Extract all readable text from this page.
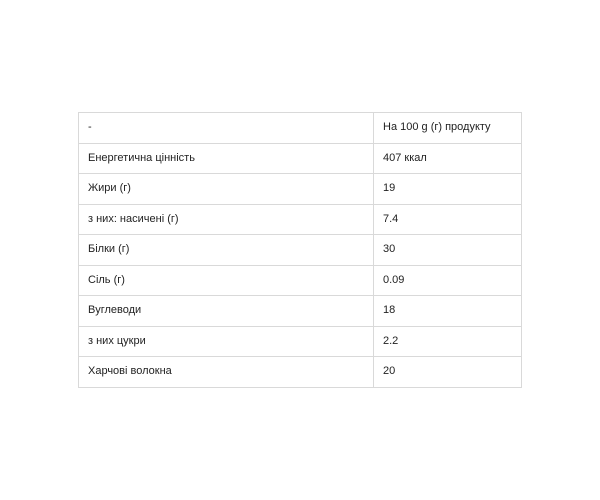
-	На 100 g (г) продукту
Енергетична цінність	407 ккал
Жири (г)	19
з них: насичені (г)	7.4
Білки (г)	30
Сіль (г)	0.09
Вуглеводи	18
з них цукри	2.2
Харчові волокна	20
